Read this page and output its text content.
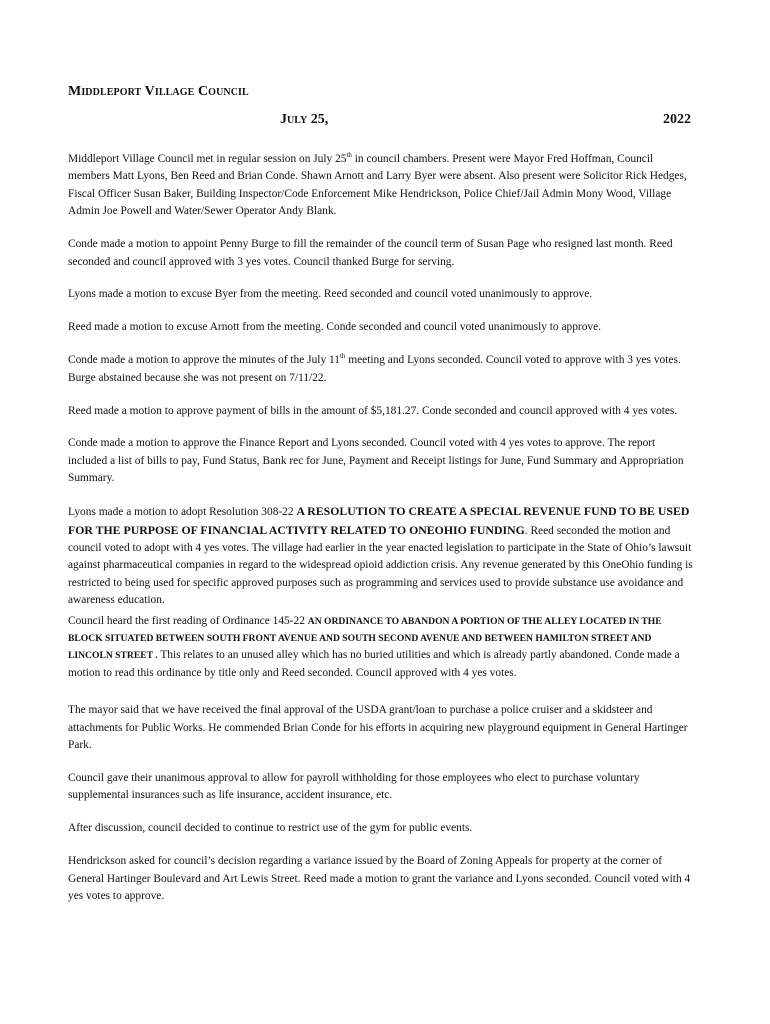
Middleport Village Council
July 25,	2022

Middleport Village Council met in regular session on July 25th in council chambers. Present were Mayor Fred Hoffman, Council members Matt Lyons, Ben Reed and Brian Conde. Shawn Arnott and Larry Byer were absent. Also present were Solicitor Rick Hedges, Fiscal Officer Susan Baker, Building Inspector/Code Enforcement Mike Hendrickson, Police Chief/Jail Admin Mony Wood, Village Admin Joe Powell and Water/Sewer Operator Andy Blank.

Conde made a motion to appoint Penny Burge to fill the remainder of the council term of Susan Page who resigned last month. Reed seconded and council approved with 3 yes votes. Council thanked Burge for serving.

Lyons made a motion to excuse Byer from the meeting. Reed seconded and council voted unanimously to approve.

Reed made a motion to excuse Arnott from the meeting. Conde seconded and council voted unanimously to approve.

Conde made a motion to approve the minutes of the July 11th meeting and Lyons seconded. Council voted to approve with 3 yes votes. Burge abstained because she was not present on 7/11/22.

Reed made a motion to approve payment of bills in the amount of $5,181.27. Conde seconded and council approved with 4 yes votes.

Conde made a motion to approve the Finance Report and Lyons seconded. Council voted with 4 yes votes to approve. The report included a list of bills to pay, Fund Status, Bank rec for June, Payment and Receipt listings for June, Fund Summary and Appropriation Summary.

Lyons made a motion to adopt Resolution 308-22 A RESOLUTION TO CREATE A SPECIAL REVENUE FUND TO BE USED FOR THE PURPOSE OF FINANCIAL ACTIVITY RELATED TO ONEOHIO FUNDING. Reed seconded the motion and council voted to adopt with 4 yes votes. The village had earlier in the year enacted legislation to participate in the State of Ohio’s lawsuit against pharmaceutical companies in regard to the widespread opioid addiction crisis. Any revenue generated by this OneOhio funding is restricted to being used for specific approved purposes such as programming and services used to provide substance use avoidance and awareness education.

Council heard the first reading of Ordinance 145-22 AN ORDINANCE TO ABANDON A PORTION OF THE ALLEY LOCATED IN THE BLOCK SITUATED BETWEEN SOUTH FRONT AVENUE AND SOUTH SECOND AVENUE AND BETWEEN HAMILTON STREET AND LINCOLN STREET . This relates to an unused alley which has no buried utilities and which is already partly abandoned. Conde made a motion to read this ordinance by title only and Reed seconded. Council approved with 4 yes votes.

The mayor said that we have received the final approval of the USDA grant/loan to purchase a police cruiser and a skidsteer and attachments for Public Works. He commended Brian Conde for his efforts in acquiring new playground equipment in General Hartinger Park.

Council gave their unanimous approval to allow for payroll withholding for those employees who elect to purchase voluntary supplemental insurances such as life insurance, accident insurance, etc.

After discussion, council decided to continue to restrict use of the gym for public events.

Hendrickson asked for council’s decision regarding a variance issued by the Board of Zoning Appeals for property at the corner of General Hartinger Boulevard and Art Lewis Street. Reed made a motion to grant the variance and Lyons seconded. Council voted with 4 yes votes to approve.
